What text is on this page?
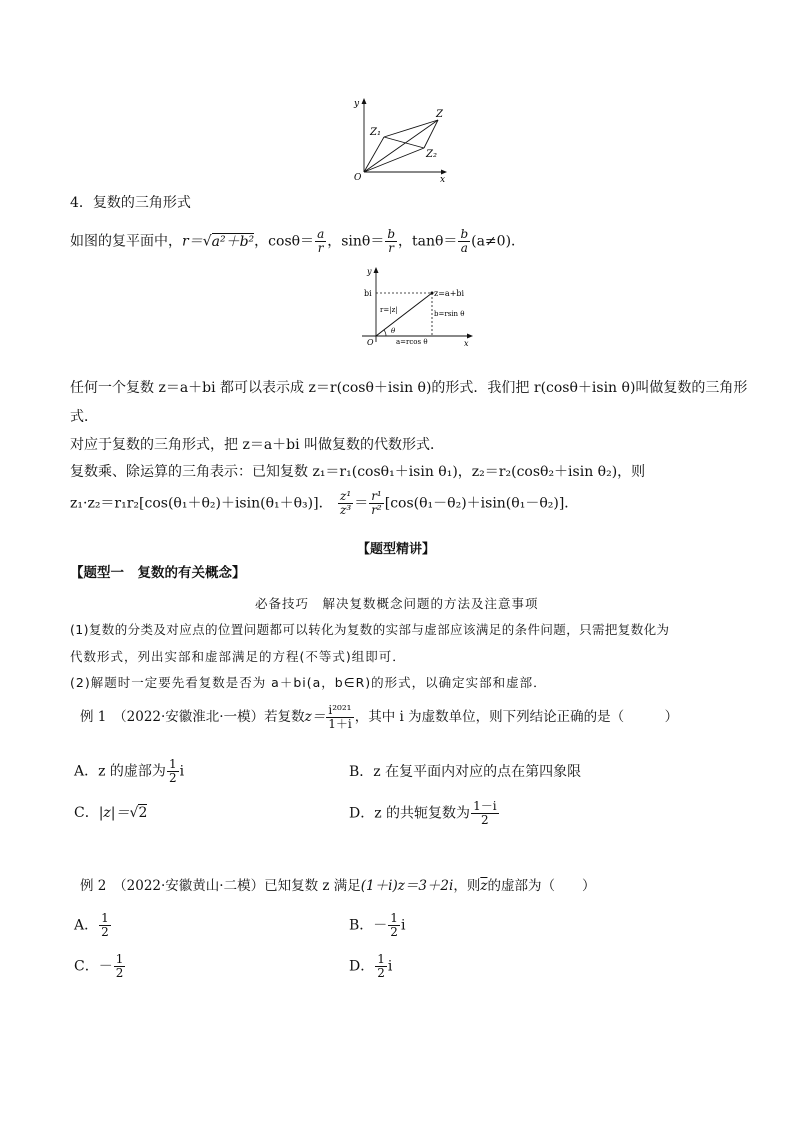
y
x
O
Z
Z₁
Z₂
4．复数的三角形式
如图的复平面中，r＝√a²＋b²，$\cos\theta= \frac{a}{r}$ ，$\sin\theta= \frac{b}{r}$ ，$\tan\theta= \frac{b}{a} (a\ne 0)$．
y
x
O
bi	z=a+bi
r=|z|
θ
b=rsin θ
a=rcos θ
任何一个复数 z＝a＋bi 都可以表示成 z＝r(cosθ＋isin θ)的形式．我们把 r(cosθ＋isin θ)叫做复数的三角形
式．
对应于复数的三角形式，把 z＝a＋bi 叫做复数的代数形式．
复数乘、除运算的三角表示：已知复数 z₁＝r₁(cosθ₁＋isin θ₁)，z₂＝r₂(cosθ₂＋isin θ₂)，则
z₁·z₂＝r₁r₂[cos(θ₁＋θ₂)＋isin(θ₁＋θ₃)]． $\frac{\text{z¹}}{\text{z³}} = \frac{\text{r¹}}{\text{r²}} [\cos(\theta_1-\theta_2)+isin(\theta_1-\theta_2)]$．
【题型精讲】
【题型一　复数的有关概念】
必备技巧　解决复数概念问题的方法及注意事项
(1)复数的分类及对应点的位置问题都可以转化为复数的实部与虚部应该满足的条件问题，只需把复数化为
代数形式，列出实部和虚部满足的方程(不等式)组即可．
(2)解题时一定要先看复数是否为 a＋bi(a，b∈R)的形式，以确定实部和虚部．
例 1　 （2022·安徽淮北·一模）若复数$z= \frac{\text{i²⁰²¹}}{1+i}$ ，其中 i 为虚数单位，则下列结论正确的是（　　　）
A．z 的虚部为 $\frac{1}{2}$ i	B．z 在复平面内对应的点在第四象限
C．|z|＝√2	D．z 的共轭复数为 $\frac{1-i}{2}$
例 2　 （2022·安徽黄山·二模）已知复数 z 满足(1＋i)z＝3＋2i，则$\overline{z}$的虚部为（　　）
A． $\frac{1}{2}$	B．－ $\frac{1}{2}$ i
C．－ $\frac{1}{2}$	D． $\frac{1}{2}$ i
